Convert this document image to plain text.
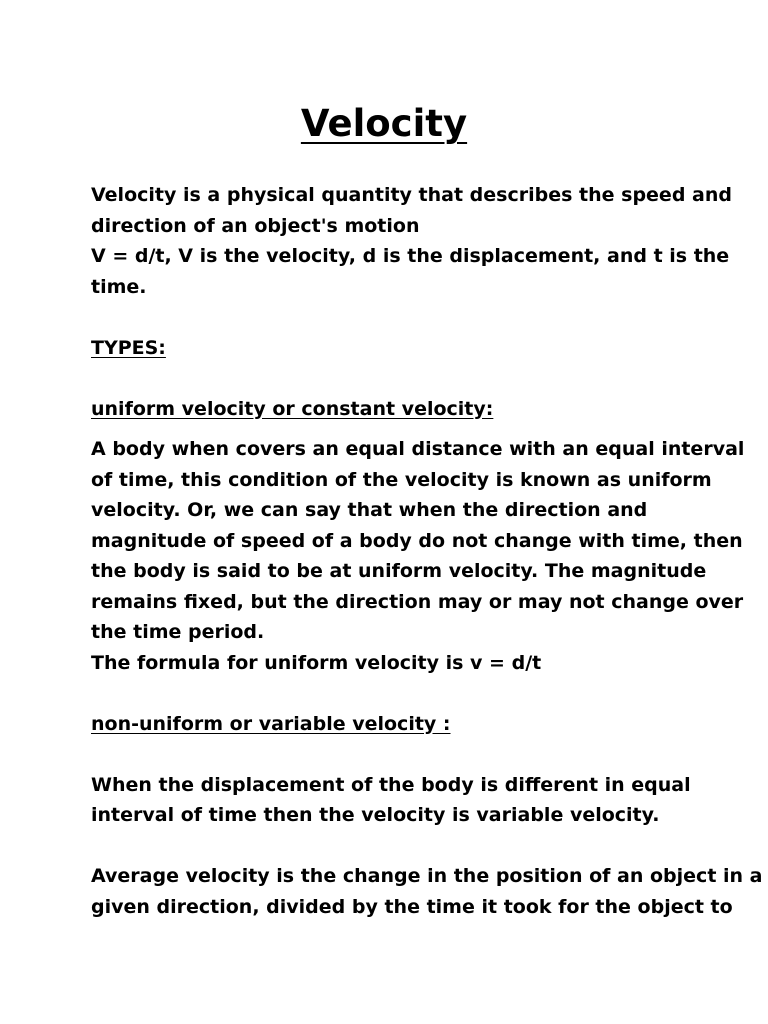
Velocity

Velocity is a physical quantity that describes the speed and

direction of an object's motion

V = d/t, V is the velocity, d is the displacement, and t is the

time.

TYPES:

uniform velocity or constant velocity:

A body when covers an equal distance with an equal interval

of time, this condition of the velocity is known as uniform

velocity. Or, we can say that when the direction and

magnitude of speed of a body do not change with time, then

the body is said to be at uniform velocity. The magnitude

remains fixed, but the direction may or may not change over

the time period.

The formula for uniform velocity is v = d/t

non-uniform or variable velocity :

When the displacement of the body is different in equal

interval of time then the velocity is variable velocity.

Average velocity is the change in the position of an object in a

given direction, divided by the time it took for the object to
